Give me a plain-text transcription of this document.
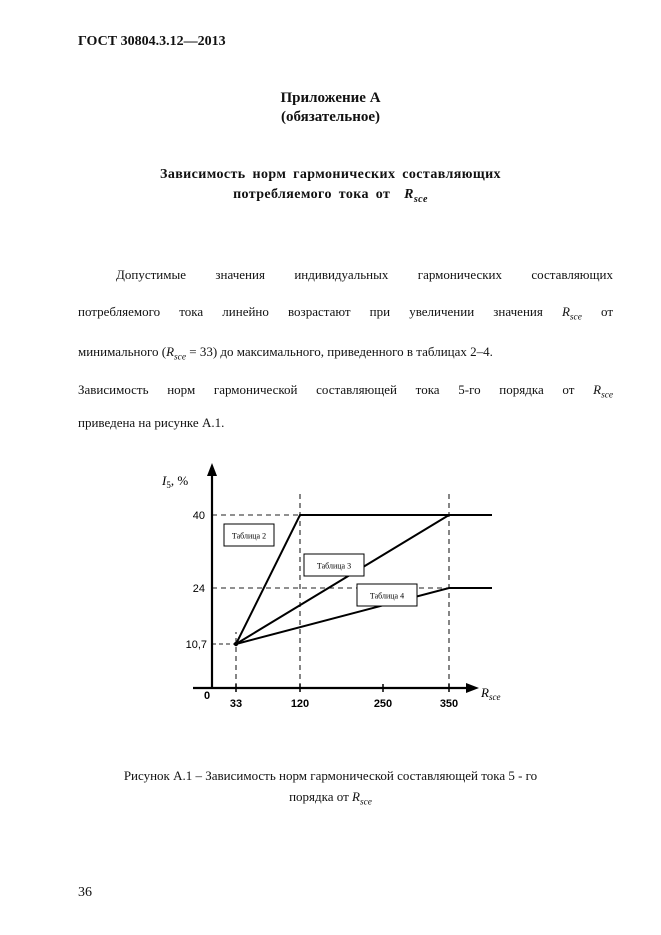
ГОСТ 30804.3.12—2013
Приложение А
(обязательное)
Зависимость норм гармонических составляющих
потребляемого тока от $R_{sce}$
Допустимые значения индивидуальных гармонических составляющих
потребляемого тока линейно возрастают при увеличении значения $R_{sce}$ от
минимального $(R_{sce} = 33)$ до максимального, приведенного в таблицах 2–4.
Зависимость норм гармонической составляющей тока 5-го порядка от $R_{sce}$
приведена на рисунке А.1.
10,7
24
40
33	120	250	350
0
$I_5$, %
$R_{sce}$
Таблица 2
Таблица 3
Таблица 4
Рисунок А.1 – Зависимость норм гармонической составляющей тока 5 - го
порядка от $R_{sce}$
36
